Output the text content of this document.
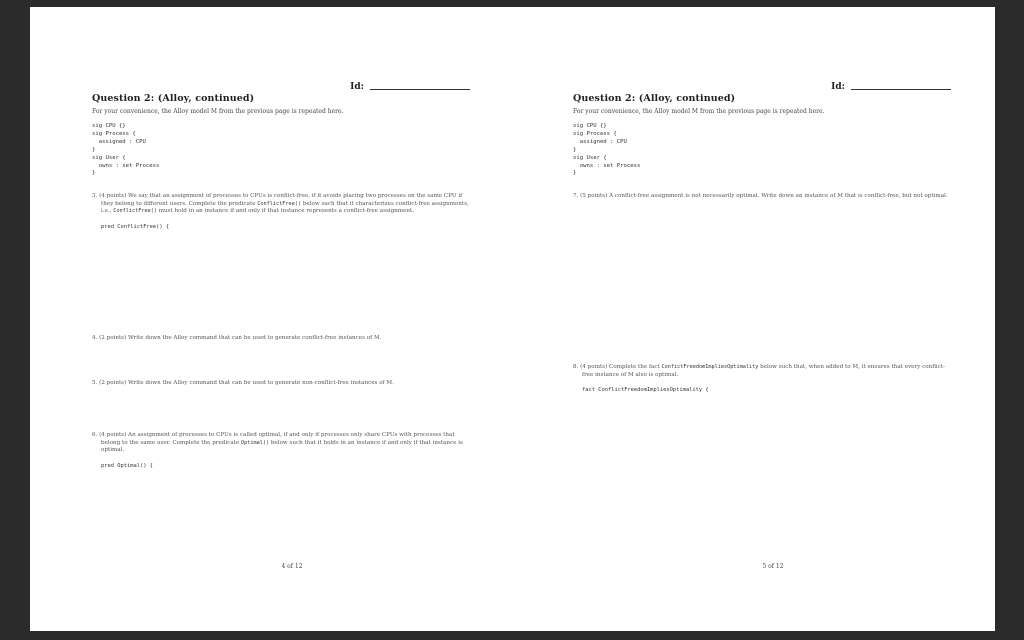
Id:
Question 2: (Alloy, continued)
For your convenience, the Alloy model M from the previous page is repeated here.
sig CPU {}
sig Process {
assigned : CPU
}
sig User {
owns : set Process
}
3. (4 points) We say that an assignment of processes to CPUs is conflict-free, if it avoids placing two processes on the same CPU if they belong to different users. Complete the predicate ConflictFree() below such that it characterizes conflict-free assignments, i.e., ConflictFree() must hold in an instance if and only if that instance represents a conflict-free assignment.
pred ConflictFree() {
4. (2 points) Write down the Alloy command that can be used to generate conflict-free instances of M.
5. (2 points) Write down the Alloy command that can be used to generate non-conflict-free instances of M.
6. (4 points) An assignment of processes to CPUs is called optimal, if and only if processes only share CPUs with processes that belong to the same user. Complete the predicate Optimal() below such that it holds in an instance if and only if that instance is optimal.
pred Optimal() {
4 of 12
Id:
Question 2: (Alloy, continued)
For your convenience, the Alloy model M from the previous page is repeated here.
sig CPU {}
sig Process {
assigned : CPU
}
sig User {
owns : set Process
}
7. (5 points) A conflict-free assignment is not necessarily optimal. Write down an instance of M that is conflict-free, but not optimal.
8. (4 points) Complete the fact ConfictFreedomImpliesOptimality below such that, when added to M, it ensures that every conflict-free instance of M also is optimal.
fact ConflictFreedomImpliesOptimality {
5 of 12
